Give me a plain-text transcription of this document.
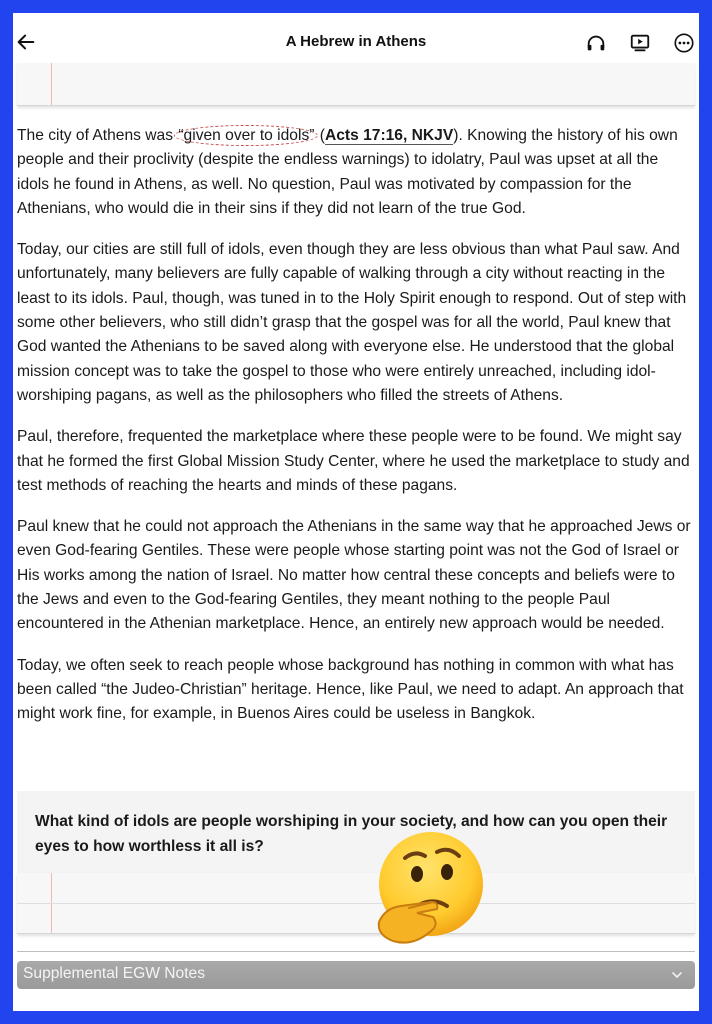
A Hebrew in Athens

The city of Athens was “given over to idols” (Acts 17:16, NKJV). Knowing the history of his own people and their proclivity (despite the endless warnings) to idolatry, Paul was upset at all the idols he found in Athens, as well. No question, Paul was motivated by compassion for the Athenians, who would die in their sins if they did not learn of the true God.

Today, our cities are still full of idols, even though they are less obvious than what Paul saw. And unfortunately, many believers are fully capable of walking through a city without reacting in the least to its idols. Paul, though, was tuned in to the Holy Spirit enough to respond. Out of step with some other believers, who still didn’t grasp that the gospel was for all the world, Paul knew that God wanted the Athenians to be saved along with everyone else. He understood that the global mission concept was to take the gospel to those who were entirely unreached, including idol-worshiping pagans, as well as the philosophers who filled the streets of Athens.

Paul, therefore, frequented the marketplace where these people were to be found. We might say that he formed the first Global Mission Study Center, where he used the marketplace to study and test methods of reaching the hearts and minds of these pagans.

Paul knew that he could not approach the Athenians in the same way that he approached Jews or even God-fearing Gentiles. These were people whose starting point was not the God of Israel or His works among the nation of Israel. No matter how central these concepts and beliefs were to the Jews and even to the God-fearing Gentiles, they meant nothing to the people Paul encountered in the Athenian marketplace. Hence, an entirely new approach would be needed.

Today, we often seek to reach people whose background has nothing in common with what has been called “the Judeo-Christian” heritage. Hence, like Paul, we need to adapt. An approach that might work fine, for example, in Buenos Aires could be useless in Bangkok.

What kind of idols are people worshiping in your society, and how can you open their eyes to how worthless it all is?
Supplemental EGW Notes
